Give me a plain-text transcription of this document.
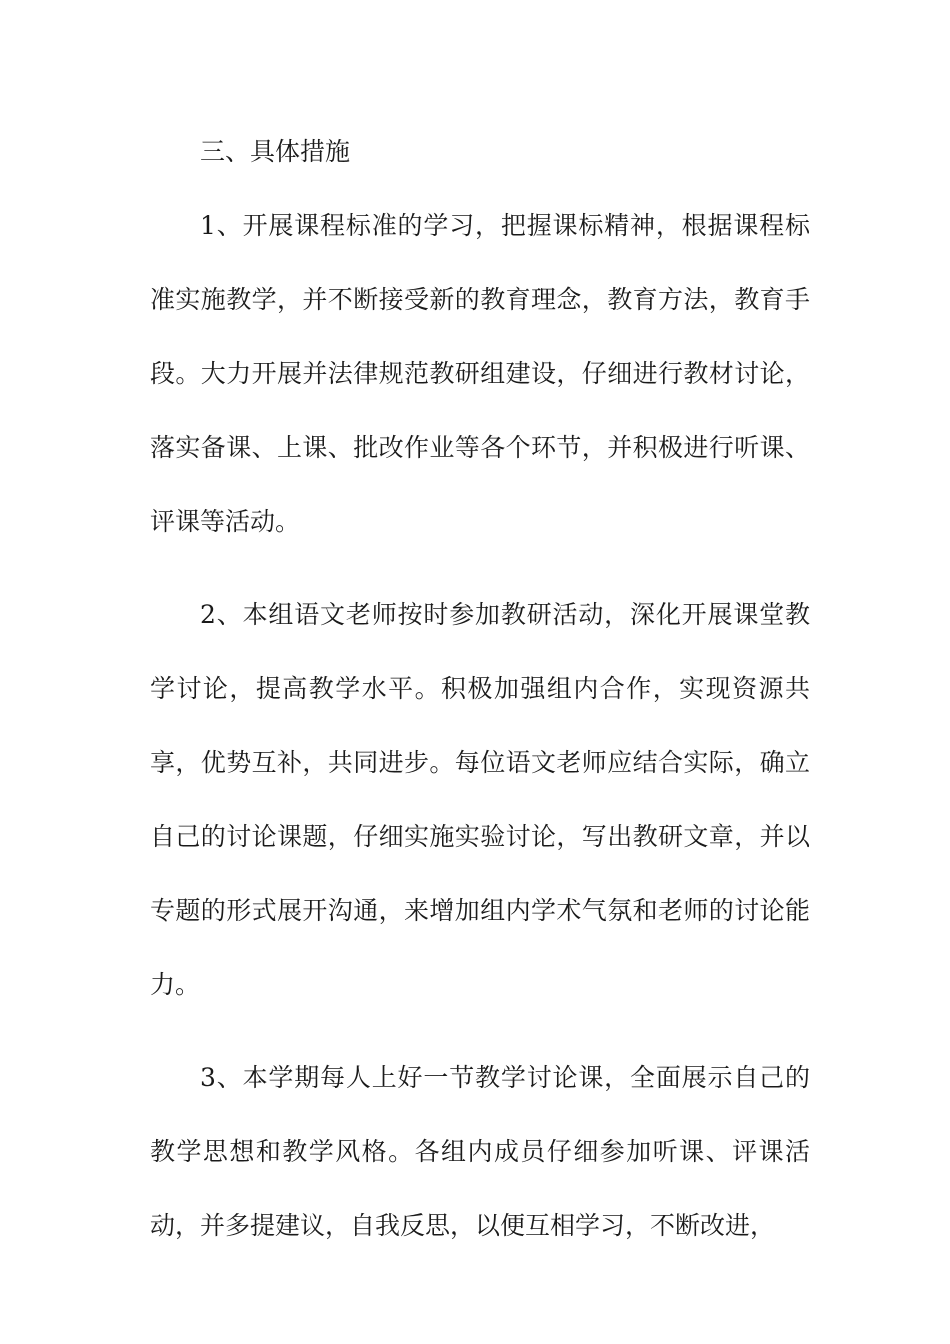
三、具体措施

1、开展课程标准的学习，把握课标精神，根据课程标准实施教学，并不断接受新的教育理念，教育方法，教育手段。大力开展并法律规范教研组建设，仔细进行教材讨论，落实备课、上课、批改作业等各个环节，并积极进行听课、评课等活动。

2、本组语文老师按时参加教研活动，深化开展课堂教学讨论，提高教学水平。积极加强组内合作，实现资源共享，优势互补，共同进步。每位语文老师应结合实际，确立自己的讨论课题，仔细实施实验讨论，写出教研文章，并以专题的形式展开沟通，来增加组内学术气氛和老师的讨论能力。

3、本学期每人上好一节教学讨论课，全面展示自己的教学思想和教学风格。各组内成员仔细参加听课、评课活动，并多提建议，自我反思，以便互相学习，不断改进，
